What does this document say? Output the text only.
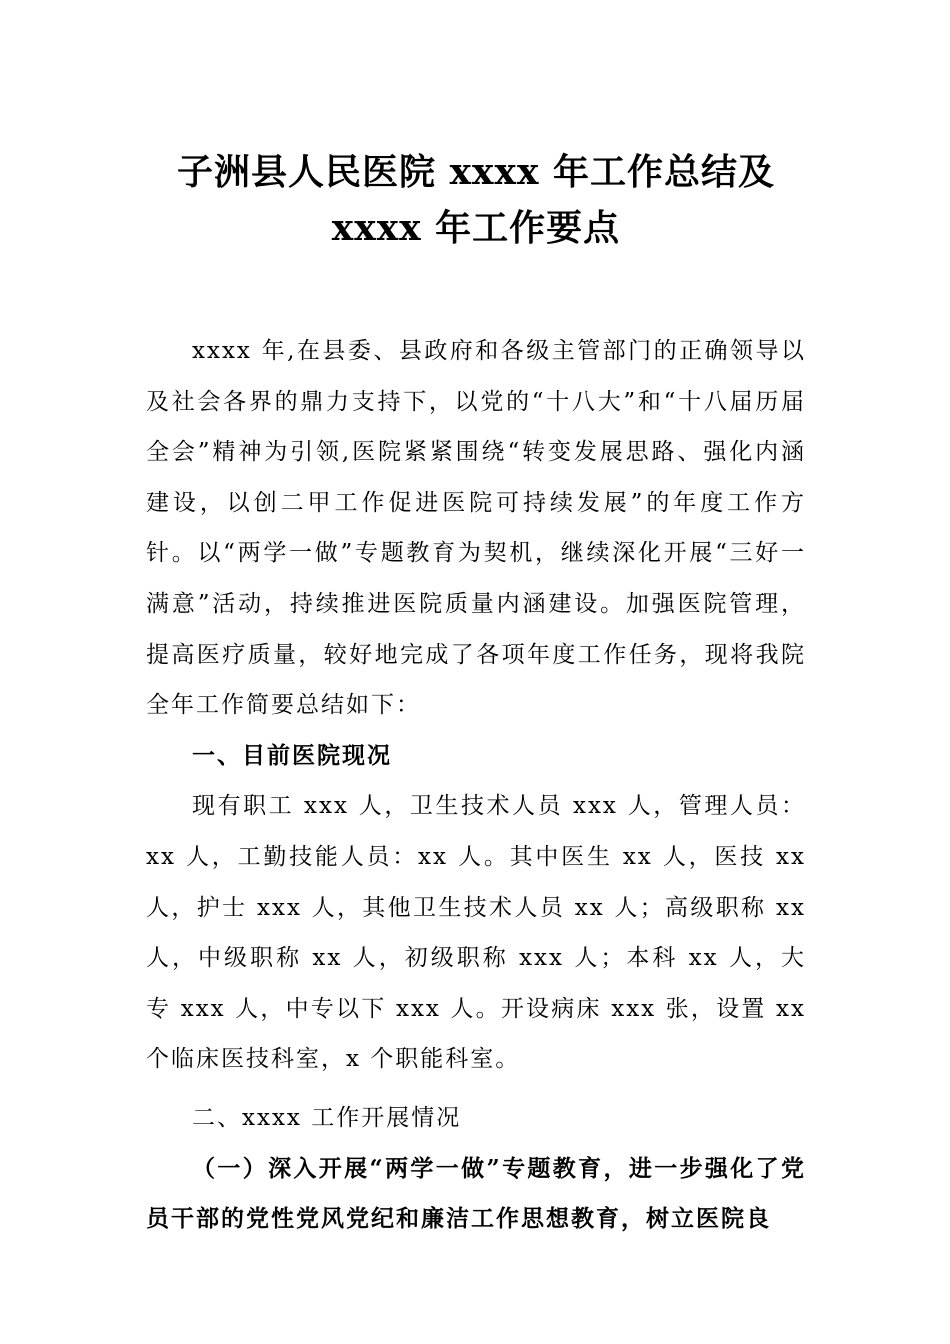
子洲县人民医院 xxxx 年工作总结及 xxxx 年工作要点

xxxx 年,在县委、县政府和各级主管部门的正确领导以及社会各界的鼎力支持下，以党的“十八大”和“十八届历届全会”精神为引领,医院紧紧围绕“转变发展思路、强化内涵建设，以创二甲工作促进医院可持续发展”的年度工作方针。以“两学一做”专题教育为契机，继续深化开展“三好一满意”活动，持续推进医院质量内涵建设。加强医院管理，提高医疗质量，较好地完成了各项年度工作任务，现将我院全年工作简要总结如下：

一、目前医院现况

现有职工 xxx 人，卫生技术人员 xxx 人，管理人员：xx 人，工勤技能人员：xx 人。其中医生 xx 人，医技 xx 人，护士 xxx 人，其他卫生技术人员 xx 人；高级职称 xx 人，中级职称 xx 人，初级职称 xxx 人；本科 xx 人，大专 xxx 人，中专以下 xxx 人。开设病床 xxx 张，设置 xx 个临床医技科室，x 个职能科室。

二、xxxx 工作开展情况

（一）深入开展“两学一做”专题教育，进一步强化了党员干部的党性党风党纪和廉洁工作思想教育，树立医院良
